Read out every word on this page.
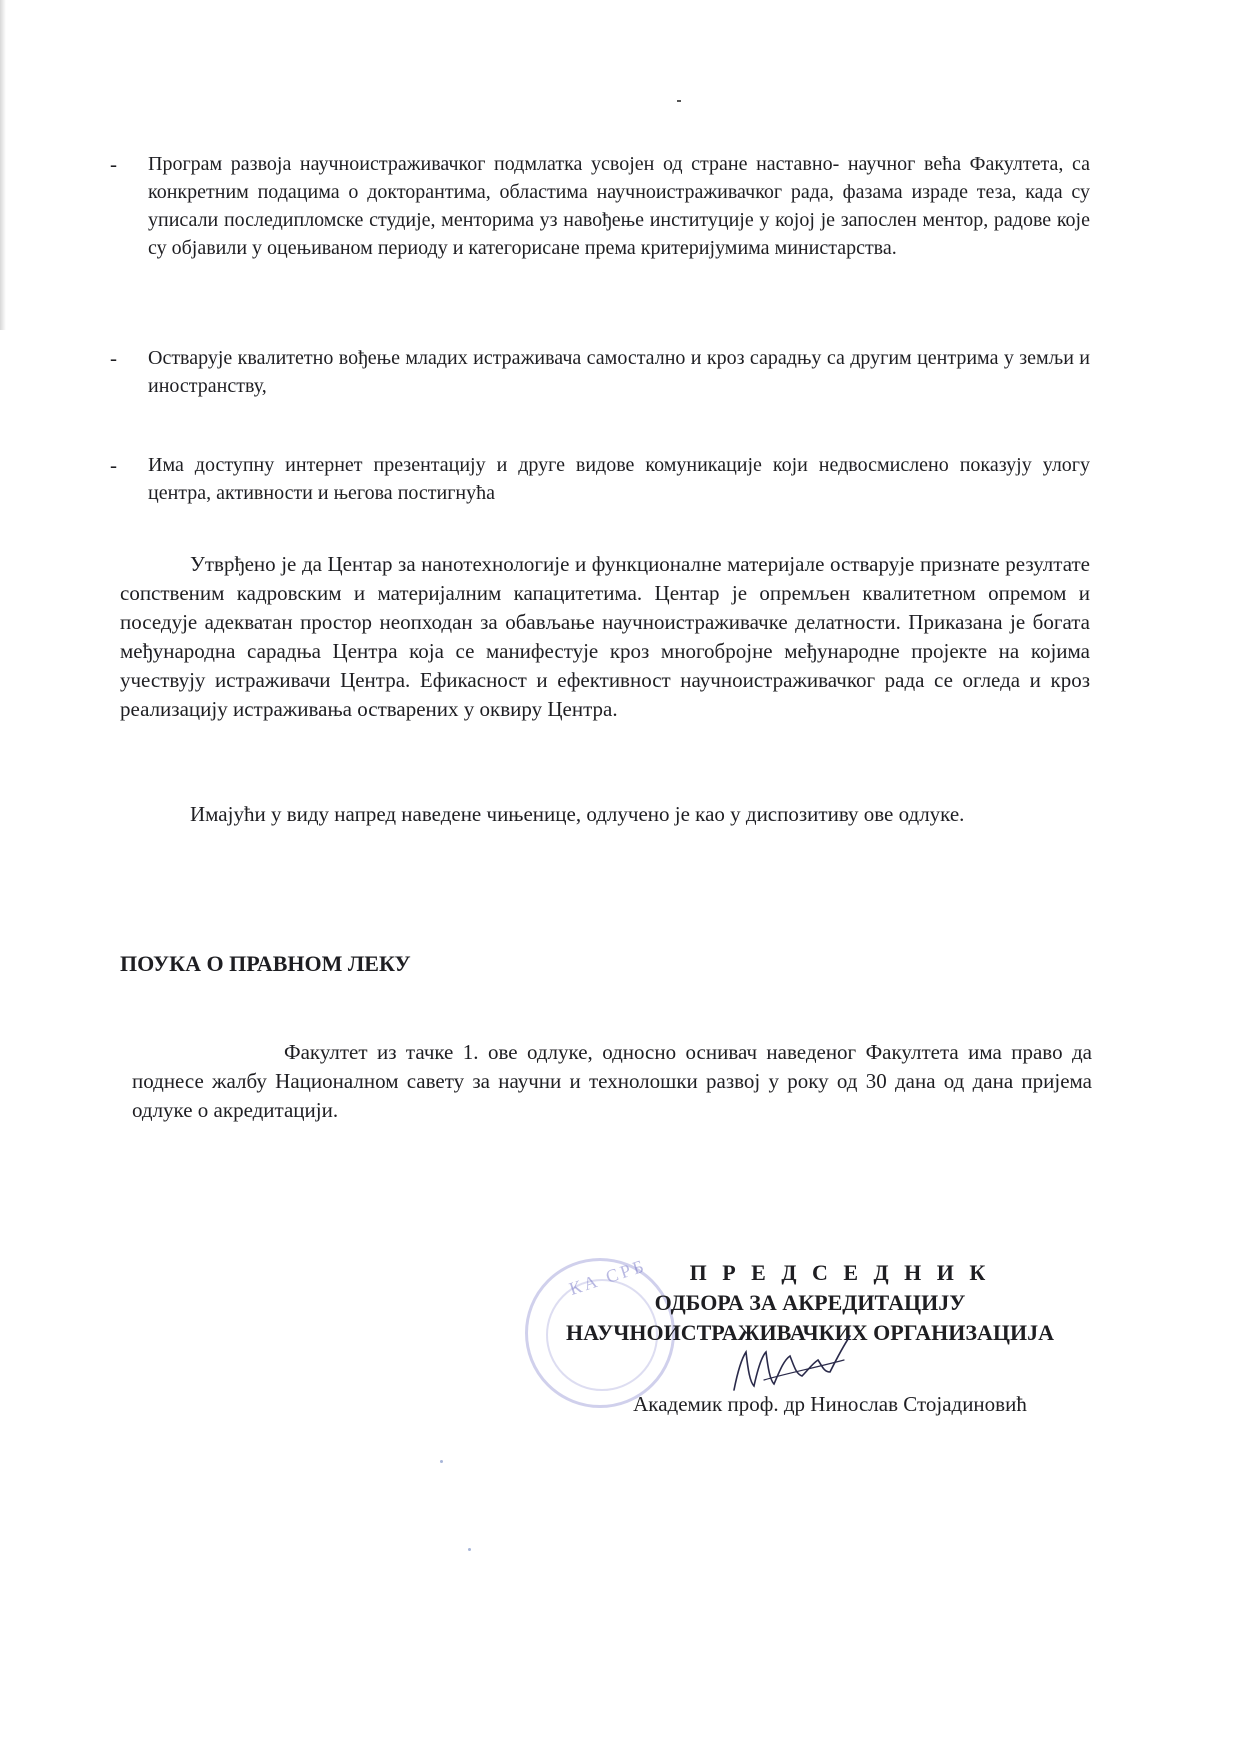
- Програм развоја научноистраживачког подмлатка усвојен од стране наставно- научног већа Факултета, са конкретним подацима о докторантима, областима научноистраживачког рада, фазама израде теза, када су уписали последипломске студије, менторима уз навођење институције у којој је запослен ментор, радове које су објавили у оцењиваном периоду и категорисане према критеријумима министарства.
- Остварује квалитетно вођење младих истраживача самостално и кроз сарадњу са другим центрима у земљи и иностранству,
- Има доступну интернет презентацију и друге видове комуникације који недвосмислено показују улогу центра, активности и његова постигнућа

Утврђено је да Центар за нанотехнологије и функционалне материјале остварује признате резултате сопственим кадровским и материјалним капацитетима. Центар је опремљен квалитетном опремом и поседује адекватан простор неопходан за обављање научноистраживачке делатности. Приказана је богата међународна сарадња Центра која се манифестује кроз многобројне међународне пројекте на којима учествују истраживачи Центра. Ефикасност и ефективност научноистраживачког рада се огледа и кроз реализацију истраживања остварених у оквиру Центра.

Имајући у виду напред наведене чињенице, одлучено је као у диспозитиву ове одлуке.

ПОУКА О ПРАВНОМ ЛЕКУ

Факултет из тачке 1. ове одлуке, односно оснивач наведеног Факултета има право да поднесе жалбу Националном савету за научни и технолошки развој у року од 30 дана од дана пријема одлуке о акредитацији.

КА СРБ	П Р Е Д С Е Д Н И К
ОДБОРА ЗА АКРЕДИТАЦИЈУ
НАУЧНОИСТРАЖИВАЧКИХ ОРГАНИЗАЦИЈА
Академик проф. др Нинослав Стојадиновић
